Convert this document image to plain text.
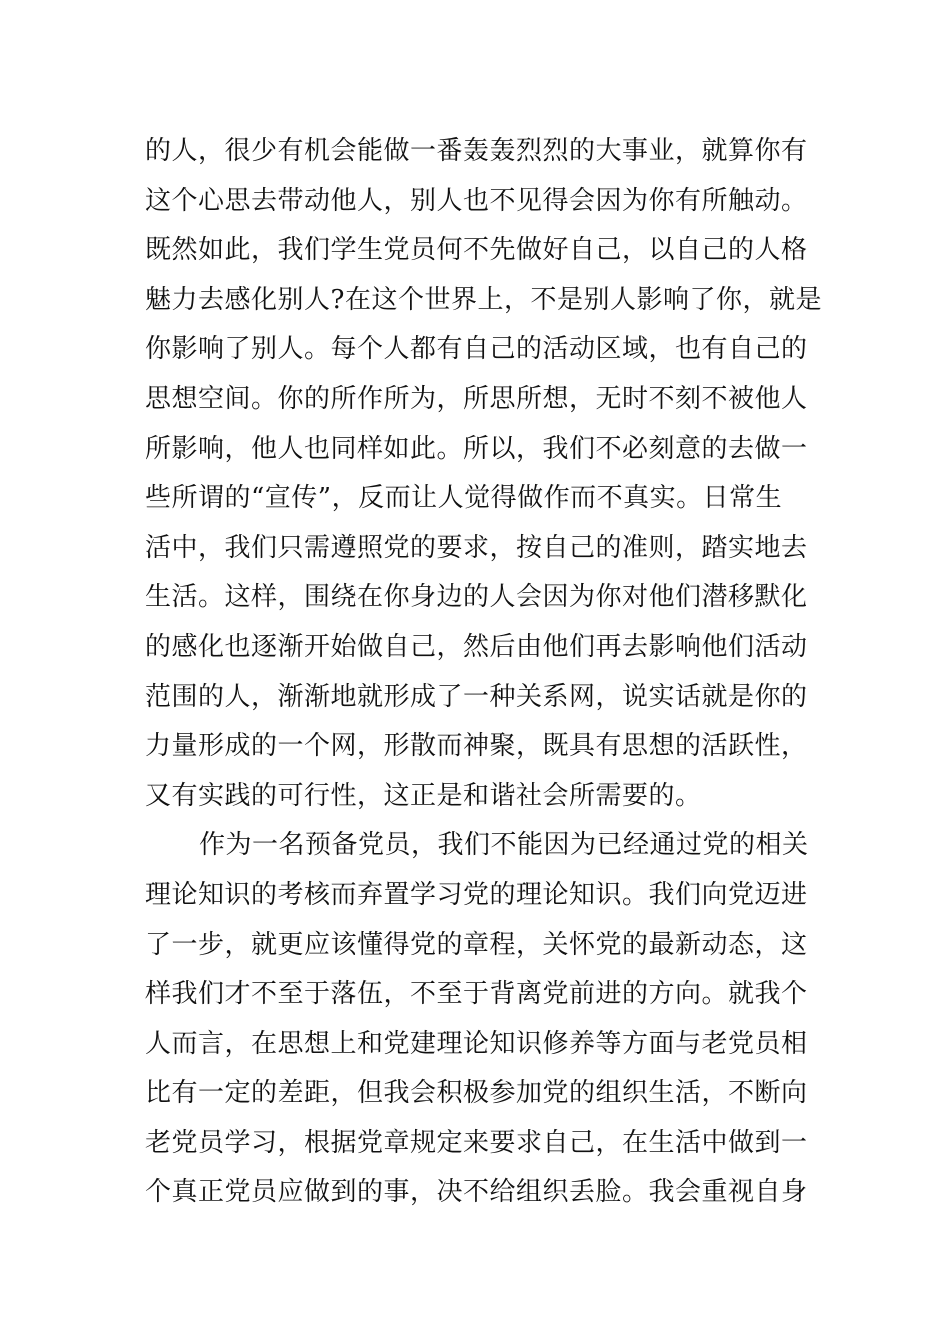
的人，很少有机会能做一番轰轰烈烈的大事业，就算你有
这个心思去带动他人，别人也不见得会因为你有所触动。
既然如此，我们学生党员何不先做好自己，以自己的人格
魅力去感化别人?在这个世界上，不是别人影响了你，就是
你影响了别人。每个人都有自己的活动区域，也有自己的
思想空间。你的所作所为，所思所想，无时不刻不被他人
所影响，他人也同样如此。所以，我们不必刻意的去做一
些所谓的“宣传”，反而让人觉得做作而不真实。日常生
活中，我们只需遵照党的要求，按自己的准则，踏实地去
生活。这样，围绕在你身边的人会因为你对他们潜移默化
的感化也逐渐开始做自己，然后由他们再去影响他们活动
范围的人，渐渐地就形成了一种关系网，说实话就是你的
力量形成的一个网，形散而神聚，既具有思想的活跃性，
又有实践的可行性，这正是和谐社会所需要的。
作为一名预备党员，我们不能因为已经通过党的相关
理论知识的考核而弃置学习党的理论知识。我们向党迈进
了一步，就更应该懂得党的章程，关怀党的最新动态，这
样我们才不至于落伍，不至于背离党前进的方向。就我个
人而言，在思想上和党建理论知识修养等方面与老党员相
比有一定的差距，但我会积极参加党的组织生活，不断向
老党员学习，根据党章规定来要求自己，在生活中做到一
个真正党员应做到的事，决不给组织丢脸。我会重视自身
